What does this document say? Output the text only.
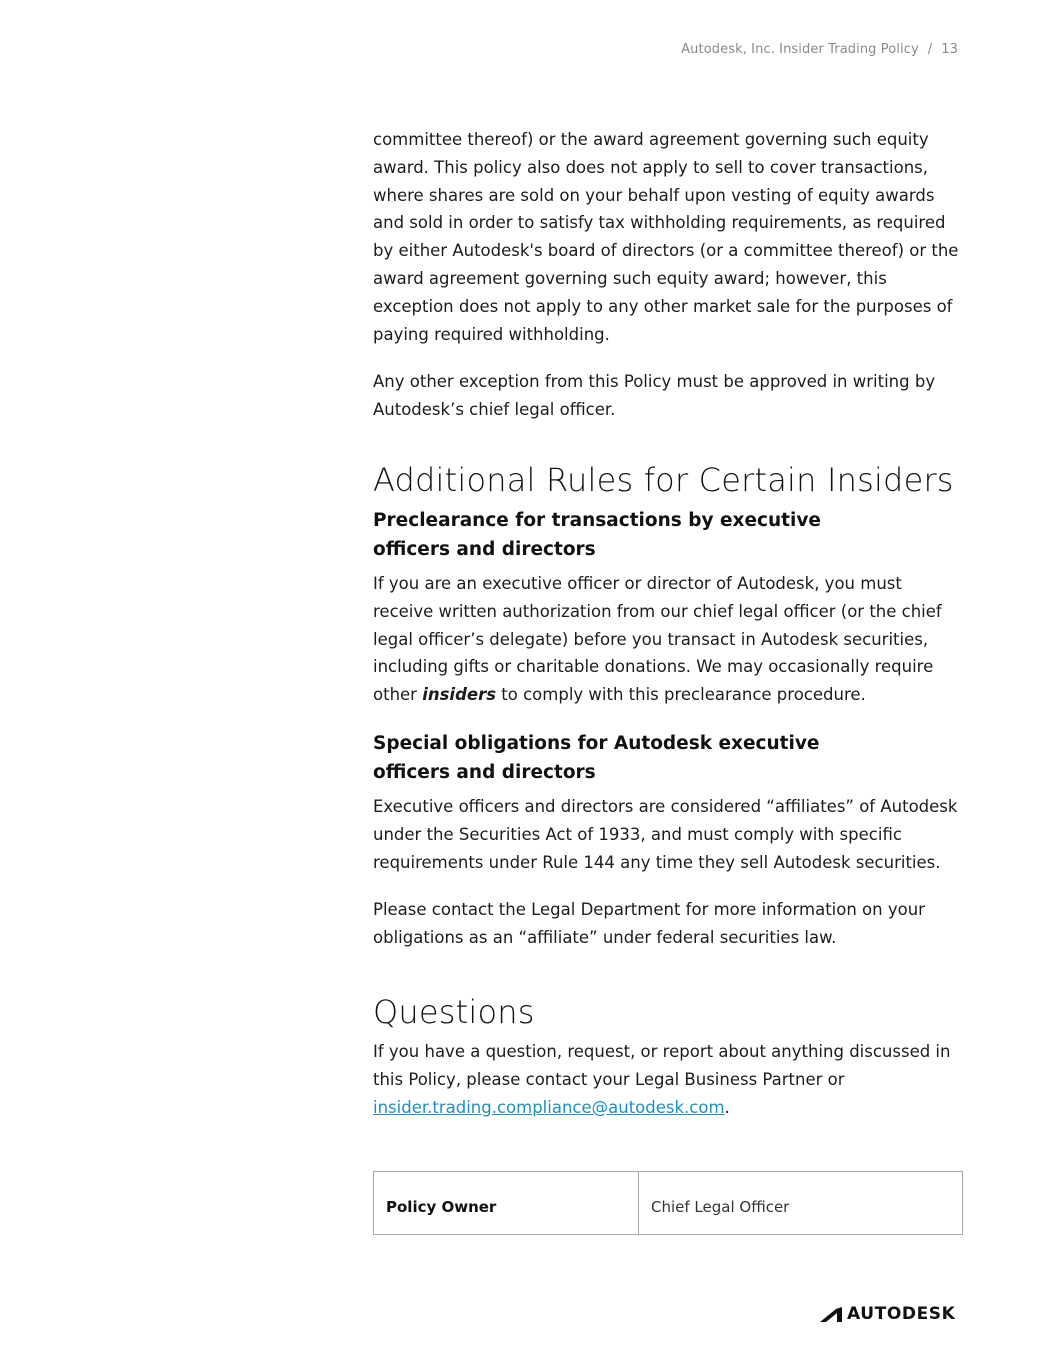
Autodesk, Inc. Insider Trading Policy / 13

committee thereof) or the award agreement governing such equity award. This policy also does not apply to sell to cover transactions, where shares are sold on your behalf upon vesting of equity awards and sold in order to satisfy tax withholding requirements, as required by either Autodesk's board of directors (or a committee thereof) or the award agreement governing such equity award; however, this exception does not apply to any other market sale for the purposes of paying required withholding.

Any other exception from this Policy must be approved in writing by Autodesk’s chief legal officer.

Additional Rules for Certain Insiders
Preclearance for transactions by executive officers and directors

If you are an executive officer or director of Autodesk, you must receive written authorization from our chief legal officer (or the chief legal officer’s delegate) before you transact in Autodesk securities, including gifts or charitable donations. We may occasionally require other insiders to comply with this preclearance procedure.

Special obligations for Autodesk executive officers and directors

Executive officers and directors are considered “affiliates” of Autodesk under the Securities Act of 1933, and must comply with specific requirements under Rule 144 any time they sell Autodesk securities.

Please contact the Legal Department for more information on your obligations as an “affiliate” under federal securities law.

Questions

If you have a question, request, or report about anything discussed in this Policy, please contact your Legal Business Partner or insider.trading.compliance@autodesk.com.

Policy Owner	Chief Legal Officer
AUTODESK
